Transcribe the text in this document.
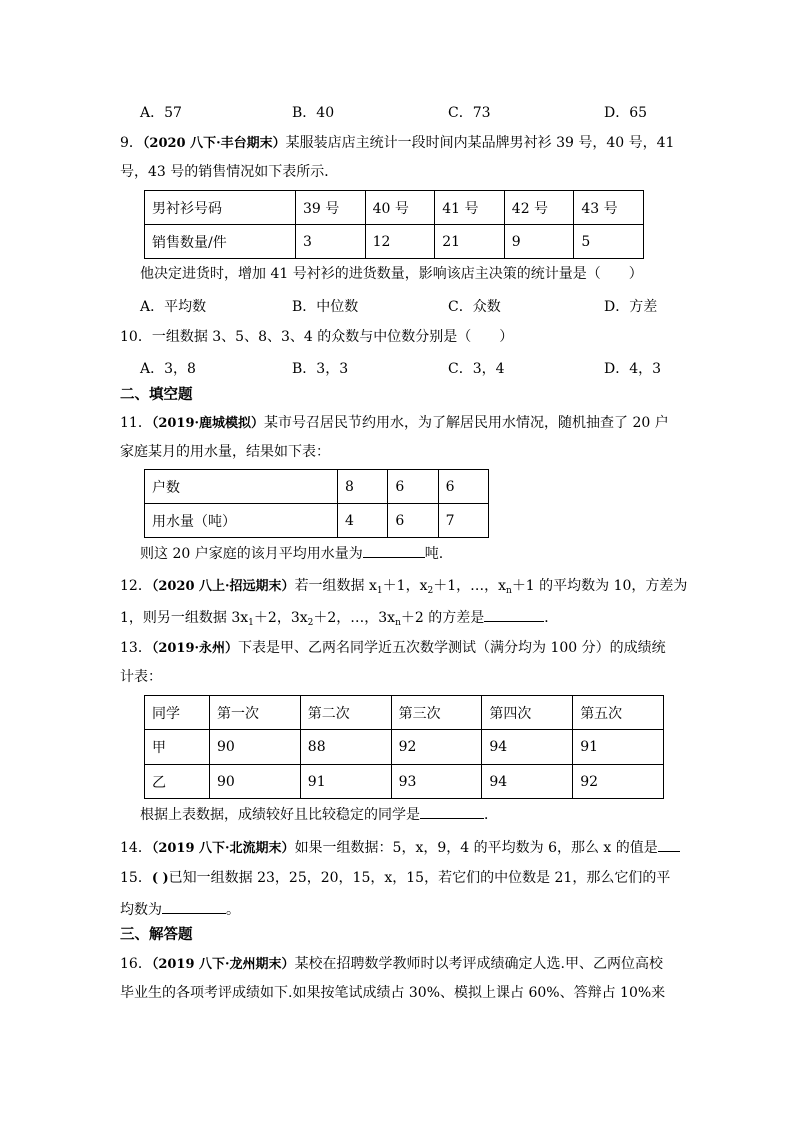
A．57	B．40	C．73	D．65
9．（2020 八下·丰台期末）某服装店店主统计一段时间内某品牌男衬衫 39 号，40 号，41
号，43 号的销售情况如下表所示．
男衬衫号码	39 号	40 号	41 号	42 号	43 号
销售数量/件	3	12	21	9	5
他决定进货时，增加 41 号衬衫的进货数量，影响该店主决策的统计量是（　　）
A．平均数	B．中位数	C．众数	D．方差
10．一组数据 3、5、8、3、4 的众数与中位数分别是（　　）
A．3，8	B．3，3	C．3，4	D．4，3
二、填空题
11．（2019·鹿城模拟）某市号召居民节约用水，为了解居民用水情况，随机抽查了 20 户
家庭某月的用水量，结果如下表：
户数	8	6	6
用水量（吨）	4	6	7
则这 20 户家庭的该月平均用水量为	吨.
12．（2020 八上·招远期末）若一组数据 $x_1+1$，$x_2+1$，…，$x_n+1$ 的平均数为 10，方差为
1，则另一组数据 $3x_1+2$，$3x_2+2$，…，$3x_n+2$ 的方差是	．
13．（2019·永州）下表是甲、乙两名同学近五次数学测试（满分均为 100 分）的成绩统
计表：
同学	第一次	第二次	第三次	第四次	第五次
甲	90	88	92	94	91
乙	90	91	93	94	92
根据上表数据，成绩较好且比较稳定的同学是	．
14．（2019 八下·北流期末）如果一组数据：5，x，9，4 的平均数为 6，那么 x 的值是
15．( )已知一组数据 23，25，20，15，x，15，若它们的中位数是 21，那么它们的平
均数为	。
三、解答题
16．（2019 八下·龙州期末）某校在招聘数学教师时以考评成绩确定人选.甲、乙两位高校
毕业生的各项考评成绩如下.如果按笔试成绩占 30%、模拟上课占 60%、答辩占 10%来
